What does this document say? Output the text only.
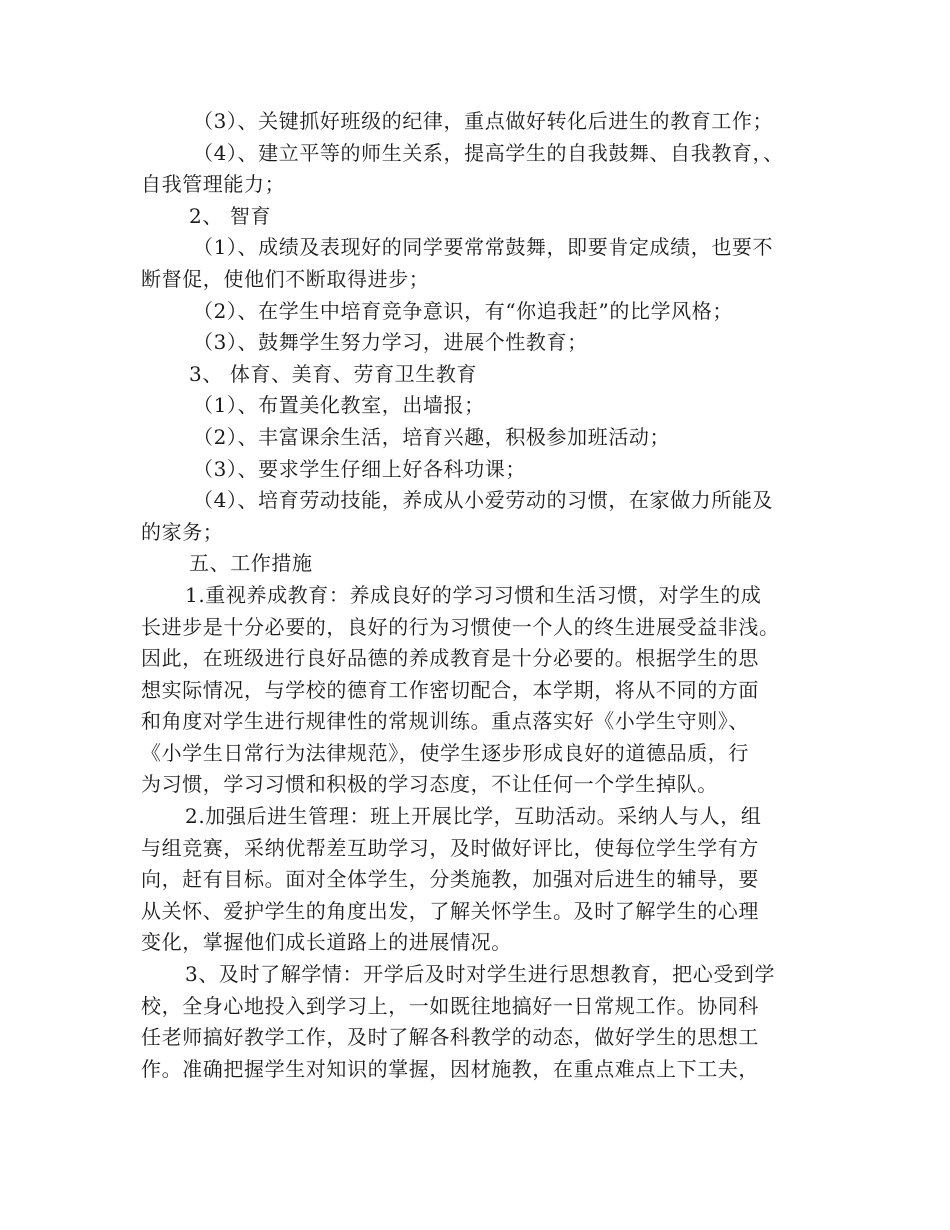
（3）、关键抓好班级的纪律，重点做好转化后进生的教育工作；
（4）、建立平等的师生关系，提高学生的自我鼓舞、自我教育，、
自我管理能力；
2、 智育
（1）、成绩及表现好的同学要常常鼓舞，即要肯定成绩，也要不
断督促，使他们不断取得进步；
（2）、在学生中培育竞争意识，有“你追我赶”的比学风格；
（3）、鼓舞学生努力学习，进展个性教育；
3、 体育、美育、劳育卫生教育
（1）、布置美化教室，出墙报；
（2）、丰富课余生活，培育兴趣，积极参加班活动；
（3）、要求学生仔细上好各科功课；
（4）、培育劳动技能，养成从小爱劳动的习惯，在家做力所能及
的家务；
五、工作措施
1.重视养成教育：养成良好的学习习惯和生活习惯，对学生的成
长进步是十分必要的，良好的行为习惯使一个人的终生进展受益非浅。
因此，在班级进行良好品德的养成教育是十分必要的。根据学生的思
想实际情况，与学校的德育工作密切配合，本学期，将从不同的方面
和角度对学生进行规律性的常规训练。重点落实好《小学生守则》、
《小学生日常行为法律规范》，使学生逐步形成良好的道德品质，行
为习惯，学习习惯和积极的学习态度，不让任何一个学生掉队。
2.加强后进生管理：班上开展比学，互助活动。采纳人与人，组
与组竞赛，采纳优帮差互助学习，及时做好评比，使每位学生学有方
向，赶有目标。面对全体学生，分类施教，加强对后进生的辅导，要
从关怀、爱护学生的角度出发，了解关怀学生。及时了解学生的心理
变化，掌握他们成长道路上的进展情况。
3、及时了解学情：开学后及时对学生进行思想教育，把心受到学
校，全身心地投入到学习上，一如既往地搞好一日常规工作。协同科
任老师搞好教学工作，及时了解各科教学的动态，做好学生的思想工
作。准确把握学生对知识的掌握，因材施教，在重点难点上下工夫，
